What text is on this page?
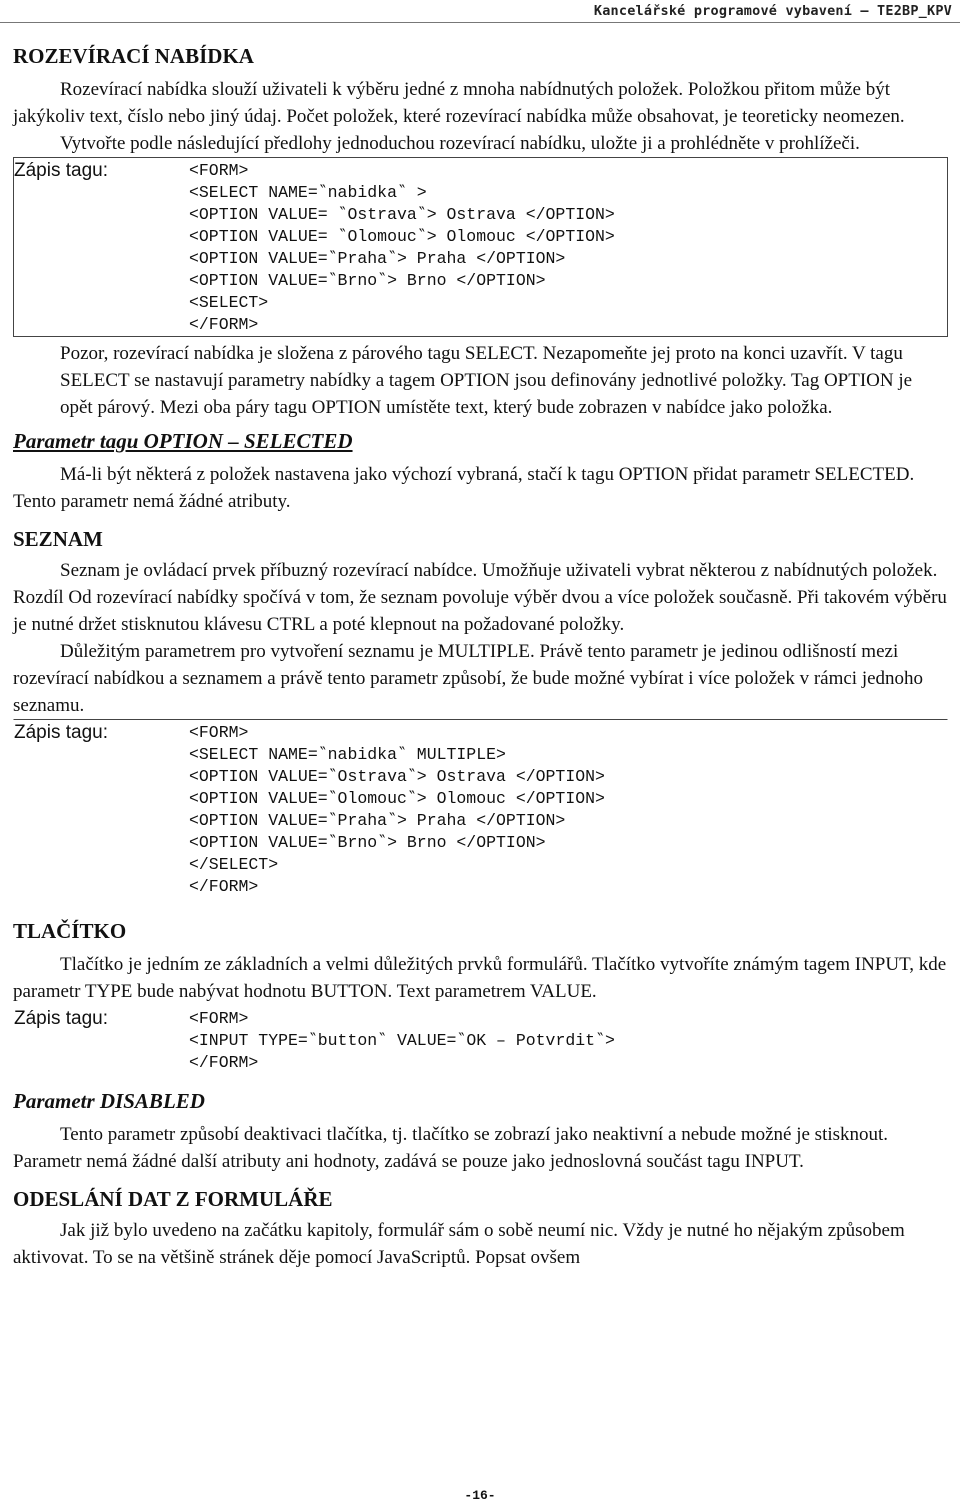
Kancelářské programové vybavení – TE2BP_KPV
ROZEVÍRACÍ NABÍDKA

Rozevírací nabídka slouží uživateli k výběru jedné z mnoha nabídnutých položek. Položkou přitom může být jakýkoliv text, číslo nebo jiný údaj. Počet položek, které rozevírací nabídka může obsahovat, je teoreticky neomezen.

Vytvořte podle následující předlohy jednoduchou rozevírací nabídku, uložte ji a prohlédněte v prohlížeči.

Zápis tagu:	<FORM>
<SELECT NAME=‶nabidka‶ >
<OPTION VALUE= ‶Ostrava‶> Ostrava </OPTION>
<OPTION VALUE= ‶Olomouc‶> Olomouc </OPTION>
<OPTION VALUE=‶Praha‶> Praha </OPTION>
<OPTION VALUE=‶Brno‶> Brno </OPTION>
<SELECT>
</FORM>

Pozor, rozevírací nabídka je složena z párového tagu SELECT. Nezapomeňte jej proto na konci uzavřít. V tagu SELECT se nastavují parametry nabídky a tagem OPTION jsou definovány jednotlivé položky. Tag OPTION je opět párový. Mezi oba páry tagu OPTION umístěte text, který bude zobrazen v nabídce jako položka.

Parametr tagu OPTION – SELECTED

Má-li být některá z položek nastavena jako výchozí vybraná, stačí k tagu OPTION přidat parametr SELECTED. Tento parametr nemá žádné atributy.

SEZNAM

Seznam je ovládací prvek příbuzný rozevírací nabídce. Umožňuje uživateli vybrat některou z nabídnutých položek. Rozdíl Od rozevírací nabídky spočívá v tom, že seznam povoluje výběr dvou a více položek současně. Při takovém výběru je nutné držet stisknutou klávesu CTRL a poté klepnout na požadované položky.

Důležitým parametrem pro vytvoření seznamu je MULTIPLE. Právě tento parametr je jedinou odlišností mezi rozevírací nabídkou a seznamem a právě tento parametr způsobí, že bude možné vybírat i více položek v rámci jednoho seznamu.

Zápis tagu:	<FORM>
<SELECT NAME=‶nabidka‶ MULTIPLE>
<OPTION VALUE=‶Ostrava‶> Ostrava </OPTION>
<OPTION VALUE=‶Olomouc‶> Olomouc </OPTION>
<OPTION VALUE=‶Praha‶> Praha </OPTION>
<OPTION VALUE=‶Brno‶> Brno </OPTION>
</SELECT>
</FORM>
TLAČÍTKO

Tlačítko je jedním ze základních a velmi důležitých prvků formulářů. Tlačítko vytvoříte známým tagem INPUT, kde parametr TYPE bude nabývat hodnotu BUTTON. Text parametrem VALUE.

Zápis tagu:	<FORM>
<INPUT TYPE=‶button‶ VALUE=‶OK – Potvrdit‶>
</FORM>
Parametr DISABLED

Tento parametr způsobí deaktivaci tlačítka, tj. tlačítko se zobrazí jako neaktivní a nebude možné je stisknout. Parametr nemá žádné další atributy ani hodnoty, zadává se pouze jako jednoslovná součást tagu INPUT.

ODESLÁNÍ DAT Z FORMULÁŘE

Jak již bylo uvedeno na začátku kapitoly, formulář sám o sobě neumí nic. Vždy je nutné ho nějakým způsobem aktivovat. To se na většině stránek děje pomocí JavaScriptů. Popsat ovšem

-16-
